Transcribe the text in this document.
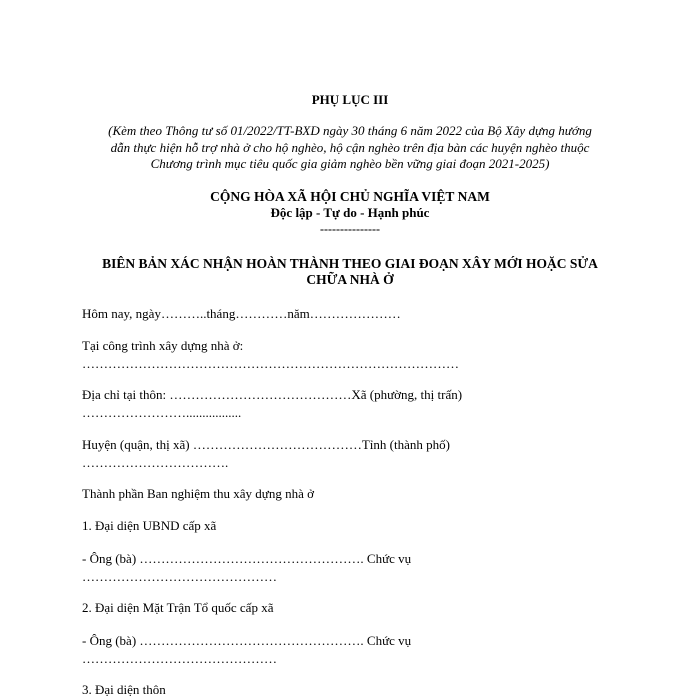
PHỤ LỤC III
(Kèm theo Thông tư số 01/2022/TT-BXD ngày 30 tháng 6 năm 2022 của Bộ Xây dựng hướng
dẫn thực hiện hỗ trợ nhà ở cho hộ nghèo, hộ cận nghèo trên địa bàn các huyện nghèo thuộc
Chương trình mục tiêu quốc gia giảm nghèo bền vững giai đoạn 2021-2025)
CỘNG HÒA XÃ HỘI CHỦ NGHĨA VIỆT NAM
Độc lập - Tự do - Hạnh phúc
---------------
BIÊN BẢN XÁC NHẬN HOÀN THÀNH THEO GIAI ĐOẠN XÂY MỚI HOẶC SỬA
CHỮA NHÀ Ở
Hôm nay, ngày………..tháng…………năm…………………
Tại công trình xây dựng nhà ở:
……………………………………………………………………………
Địa chỉ tại thôn: ……………………………………Xã (phường, thị trấn)
…………………….................
Huyện (quận, thị xã) …………………………………Tỉnh (thành phố)
…………………………….
Thành phần Ban nghiệm thu xây dựng nhà ở
1. Đại diện UBND cấp xã
- Ông (bà) ……………………………………………. Chức vụ
………………………………………
2. Đại diện Mặt Trận Tổ quốc cấp xã
- Ông (bà) ……………………………………………. Chức vụ
………………………………………
3. Đại diện thôn
